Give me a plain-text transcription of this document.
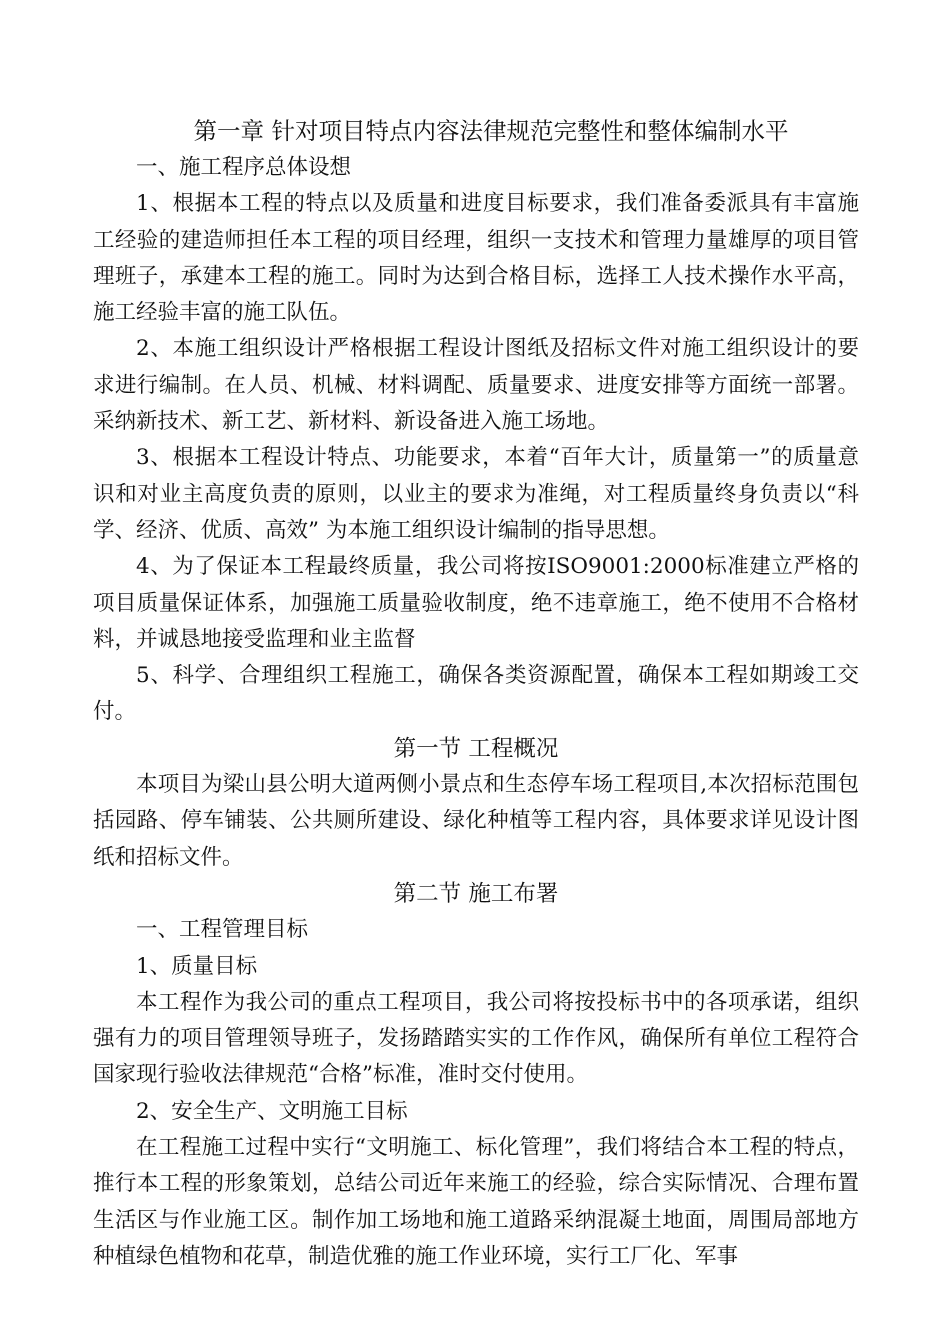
第一章 针对项目特点内容法律规范完整性和整体编制水平

一、施工程序总体设想

1、根据本工程的特点以及质量和进度目标要求，我们准备委派具有丰富施工经验的建造师担任本工程的项目经理，组织一支技术和管理力量雄厚的项目管理班子，承建本工程的施工。同时为达到合格目标，选择工人技术操作水平高，施工经验丰富的施工队伍。

2、本施工组织设计严格根据工程设计图纸及招标文件对施工组织设计的要求进行编制。在人员、机械、材料调配、质量要求、进度安排等方面统一部署。采纳新技术、新工艺、新材料、新设备进入施工场地。

3、根据本工程设计特点、功能要求，本着“百年大计，质量第一”的质量意识和对业主高度负责的原则，以业主的要求为准绳，对工程质量终身负责以“科学、经济、优质、高效” 为本施工组织设计编制的指导思想。

4、为了保证本工程最终质量，我公司将按ISO9001:2000标准建立严格的项目质量保证体系，加强施工质量验收制度，绝不违章施工，绝不使用不合格材料，并诚恳地接受监理和业主监督

5、科学、合理组织工程施工，确保各类资源配置，确保本工程如期竣工交付。

第一节 工程概况

本项目为梁山县公明大道两侧小景点和生态停车场工程项目,本次招标范围包括园路、停车铺装、公共厕所建设、绿化种植等工程内容，具体要求详见设计图纸和招标文件。

第二节 施工布署

一、工程管理目标

1、质量目标

本工程作为我公司的重点工程项目，我公司将按投标书中的各项承诺，组织强有力的项目管理领导班子，发扬踏踏实实的工作作风，确保所有单位工程符合国家现行验收法律规范“合格”标准，准时交付使用。

2、安全生产、文明施工目标

在工程施工过程中实行“文明施工、标化管理”，我们将结合本工程的特点，推行本工程的形象策划，总结公司近年来施工的经验，综合实际情况、合理布置生活区与作业施工区。制作加工场地和施工道路采纳混凝土地面，周围局部地方种植绿色植物和花草，制造优雅的施工作业环境，实行工厂化、军事
